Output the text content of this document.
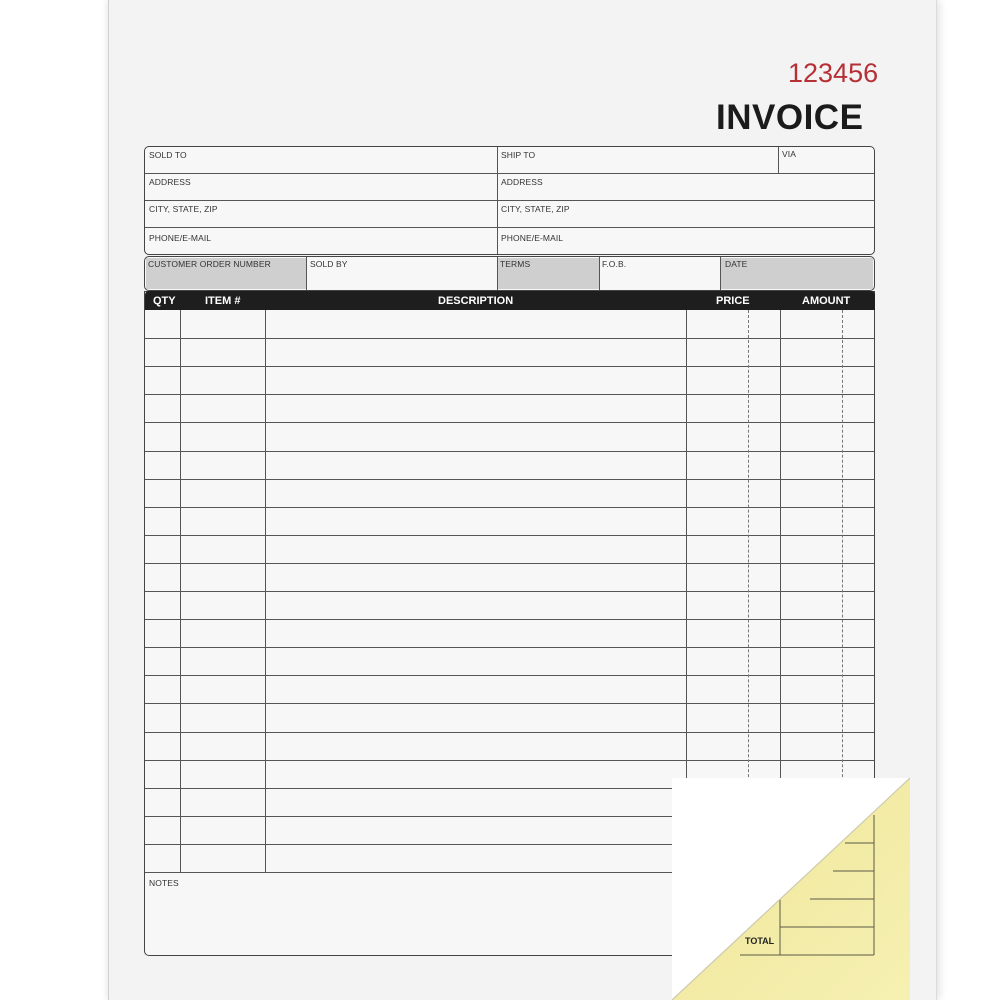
123456
INVOICE
SOLD TO	SHIP TO	VIA
ADDRESS	ADDRESS
CITY, STATE, ZIP	CITY, STATE, ZIP
PHONE/E-MAIL	PHONE/E-MAIL
CUSTOMER ORDER NUMBER	SOLD BY	TERMS	F.O.B.	DATE
QTY	ITEM #	DESCRIPTION	PRICE	AMOUNT
NOTES
TOTAL
